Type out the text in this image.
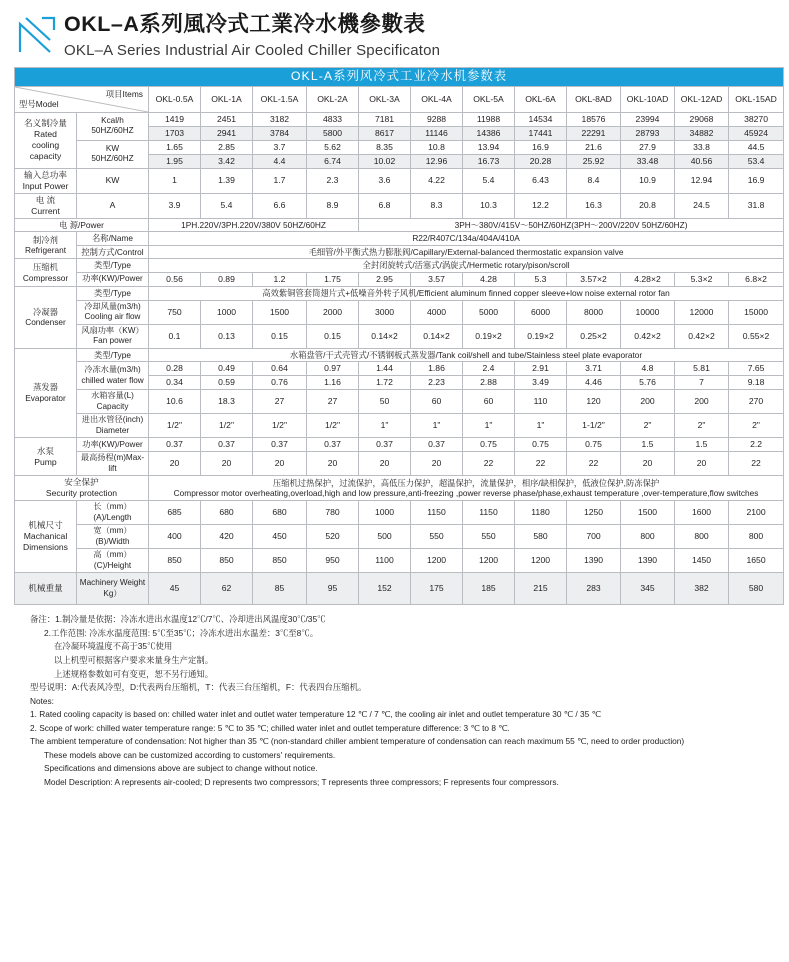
OKL–A系列風冷式工業冷水機參數表
OKL–A Series Industrial Air Cooled Chiller Specificaton
OKL-A系列风冷式工业冷水机参数表													

型号Model
项目Items		OKL-0.5A	OKL-1A	OKL-1.5A	OKL-2A	OKL-3A	OKL-4A	OKL-5A	OKL-6A	OKL-8AD	OKL-10AD	OKL-12AD	OKL-15AD

名义制冷量
Rated
cooling
capacity

Kcal/h
50HZ/60HZ
	1419	2451	3182	4833	7181	9288	11988	14534	18576	23994	29068	38270
		1703	2941	3784	5800	8617	11146	14386	17441	22291	28793	34882	45924

	KW
50HZ/60HZ	1.65	2.85	3.7	5.62	8.35	10.8	13.94	16.9	21.6	27.9	33.8	44.5
		1.95	3.42	4.4	6.74	10.02	12.96	16.73	20.28	25.92	33.48	40.56	53.4

输入总功率
Input Power	KW	1	1.39	1.7	2.3	3.6	4.22	5.4	6.43	8.4	10.9	12.94	16.9

电 流
Current	A	3.9	5.4	6.6	8.9	6.8	8.3	10.3	12.2	16.3	20.8	24.5	31.8
电 源/Power		1PH.220V/3PH.220V/380V 50HZ/60HZ				3PH～380V/415V～50HZ/60HZ(3PH～200V/220V 50HZ/60HZ)							

制冷剂
Refrigerant	名称/Name	R22/R407C/134a/404A/410A											
	控制方式/Control	毛细管/外平衡式热力膨胀阀/Capillary/External-balanced thermostatic expansion valve											

压缩机
Compressor	类型/Type	全封闭旋转式/活塞式/涡旋式/Hermetic rotary/pison/scroll											
	功率(KW)/Power	0.56	0.89	1.2	1.75	2.95	3.57	4.28	5.3	3.57×2	4.28×2	5.3×2	6.8×2

冷凝器
Condenser	类型/Type	高效紫铜管套筒翅片式+低噪音外转子风机/Efficient aluminum finned copper sleeve+low noise external rotor fan											

	冷却风量(m3/h)
Cooling air flow	750	1000	1500	2000	3000	4000	5000	6000	8000	10000	12000	15000

	风扇功率（KW）
Fan power	0.1	0.13	0.15	0.15	0.14×2	0.14×2	0.19×2	0.19×2	0.25×2	0.42×2	0.42×2	0.55×2

蒸发器
Evaporator	类型/Type	水箱盘管/干式壳管式/不锈钢板式蒸发器/Tank coil/shell and tube/Stainless steel plate evaporator											

	冷冻水量(m3/h)
chilled water flow	0.28	0.49	0.64	0.97	1.44	1.86	2.4	2.91	3.71	4.8	5.81	7.65
		0.34	0.59	0.76	1.16	1.72	2.23	2.88	3.49	4.46	5.76	7	9.18

	水箱容量(L)
Capacity	10.6	18.3	27	27	50	60	60	110	120	200	200	270

	进出水管径(inch)
Diameter	1/2"	1/2"	1/2"	1/2"	1"	1"	1"	1"	1-1/2"	2"	2"	2"

水泵
Pump	功率(KW)/Power	0.37	0.37	0.37	0.37	0.37	0.37	0.75	0.75	0.75	1.5	1.5	2.2
	最高扬程(m)Max-lift	20	20	20	20	20	20	22	22	22	20	20	22

安全保护
Security protection

压缩机过热保护，过流保护，高低压力保护，超温保护，流量保护，相序/缺相保护，低液位保护,防冻保护
Compressor motor overheating,overload,high and low pressure,anti-freezing ,power reverse phase/phase,exhaust temperature ,over-temperature,flow switches

机械尺寸
Machanical
Dimensions	长（mm）(A)/Length	685	680	680	780	1000	1150	1150	1180	1250	1500	1600	2100
	宽（mm）(B)/Width	400	420	450	520	500	550	550	580	700	800	800	800
	高（mm）(C)/Height	850	850	850	950	1100	1200	1200	1200	1390	1390	1450	1650
机械重量	Machinery Weight
Kg）	45	62	85	95	152	175	185	215	283	345	382	580
备注：1.制冷量是依据：冷冻水进出水温度12℃/7℃、冷却进出风温度30℃/35℃
2.工作范围: 冷冻水温度范围: 5℃至35℃；冷冻水进出水温差：3℃至8℃。
在冷凝环境温度不高于35℃使用
以上机型可根据客户要求来量身生产定制。
上述规格参数如可有变更，恕不另行通知。
型号说明：A:代表风冷型，D:代表两台压缩机，T：代表三台压缩机，F：代表四台压缩机。
Notes:
1. Rated cooling capacity is based on: chilled water inlet and outlet water temperature 12 ℃ / 7 ℃, the cooling air inlet and outlet temperature 30 ℃ / 35 ℃
2. Scope of work: chilled water temperature range: 5 ℃ to 35 ℃; chilled water inlet and outlet temperature difference: 3 ℃ to 8 ℃.
The ambient temperature of condensation: Not higher than 35 ℃ (non-standard chiller ambient temperature of condensation can reach maximum 55 ℃, need to order production)
These models above can be customized according to customers' requirements.
Specifications and dimensions above are subject to change without notice.
Model Description: A represents air-cooled; D represents two compressors; T represents three compressors; F represents four compressors.
